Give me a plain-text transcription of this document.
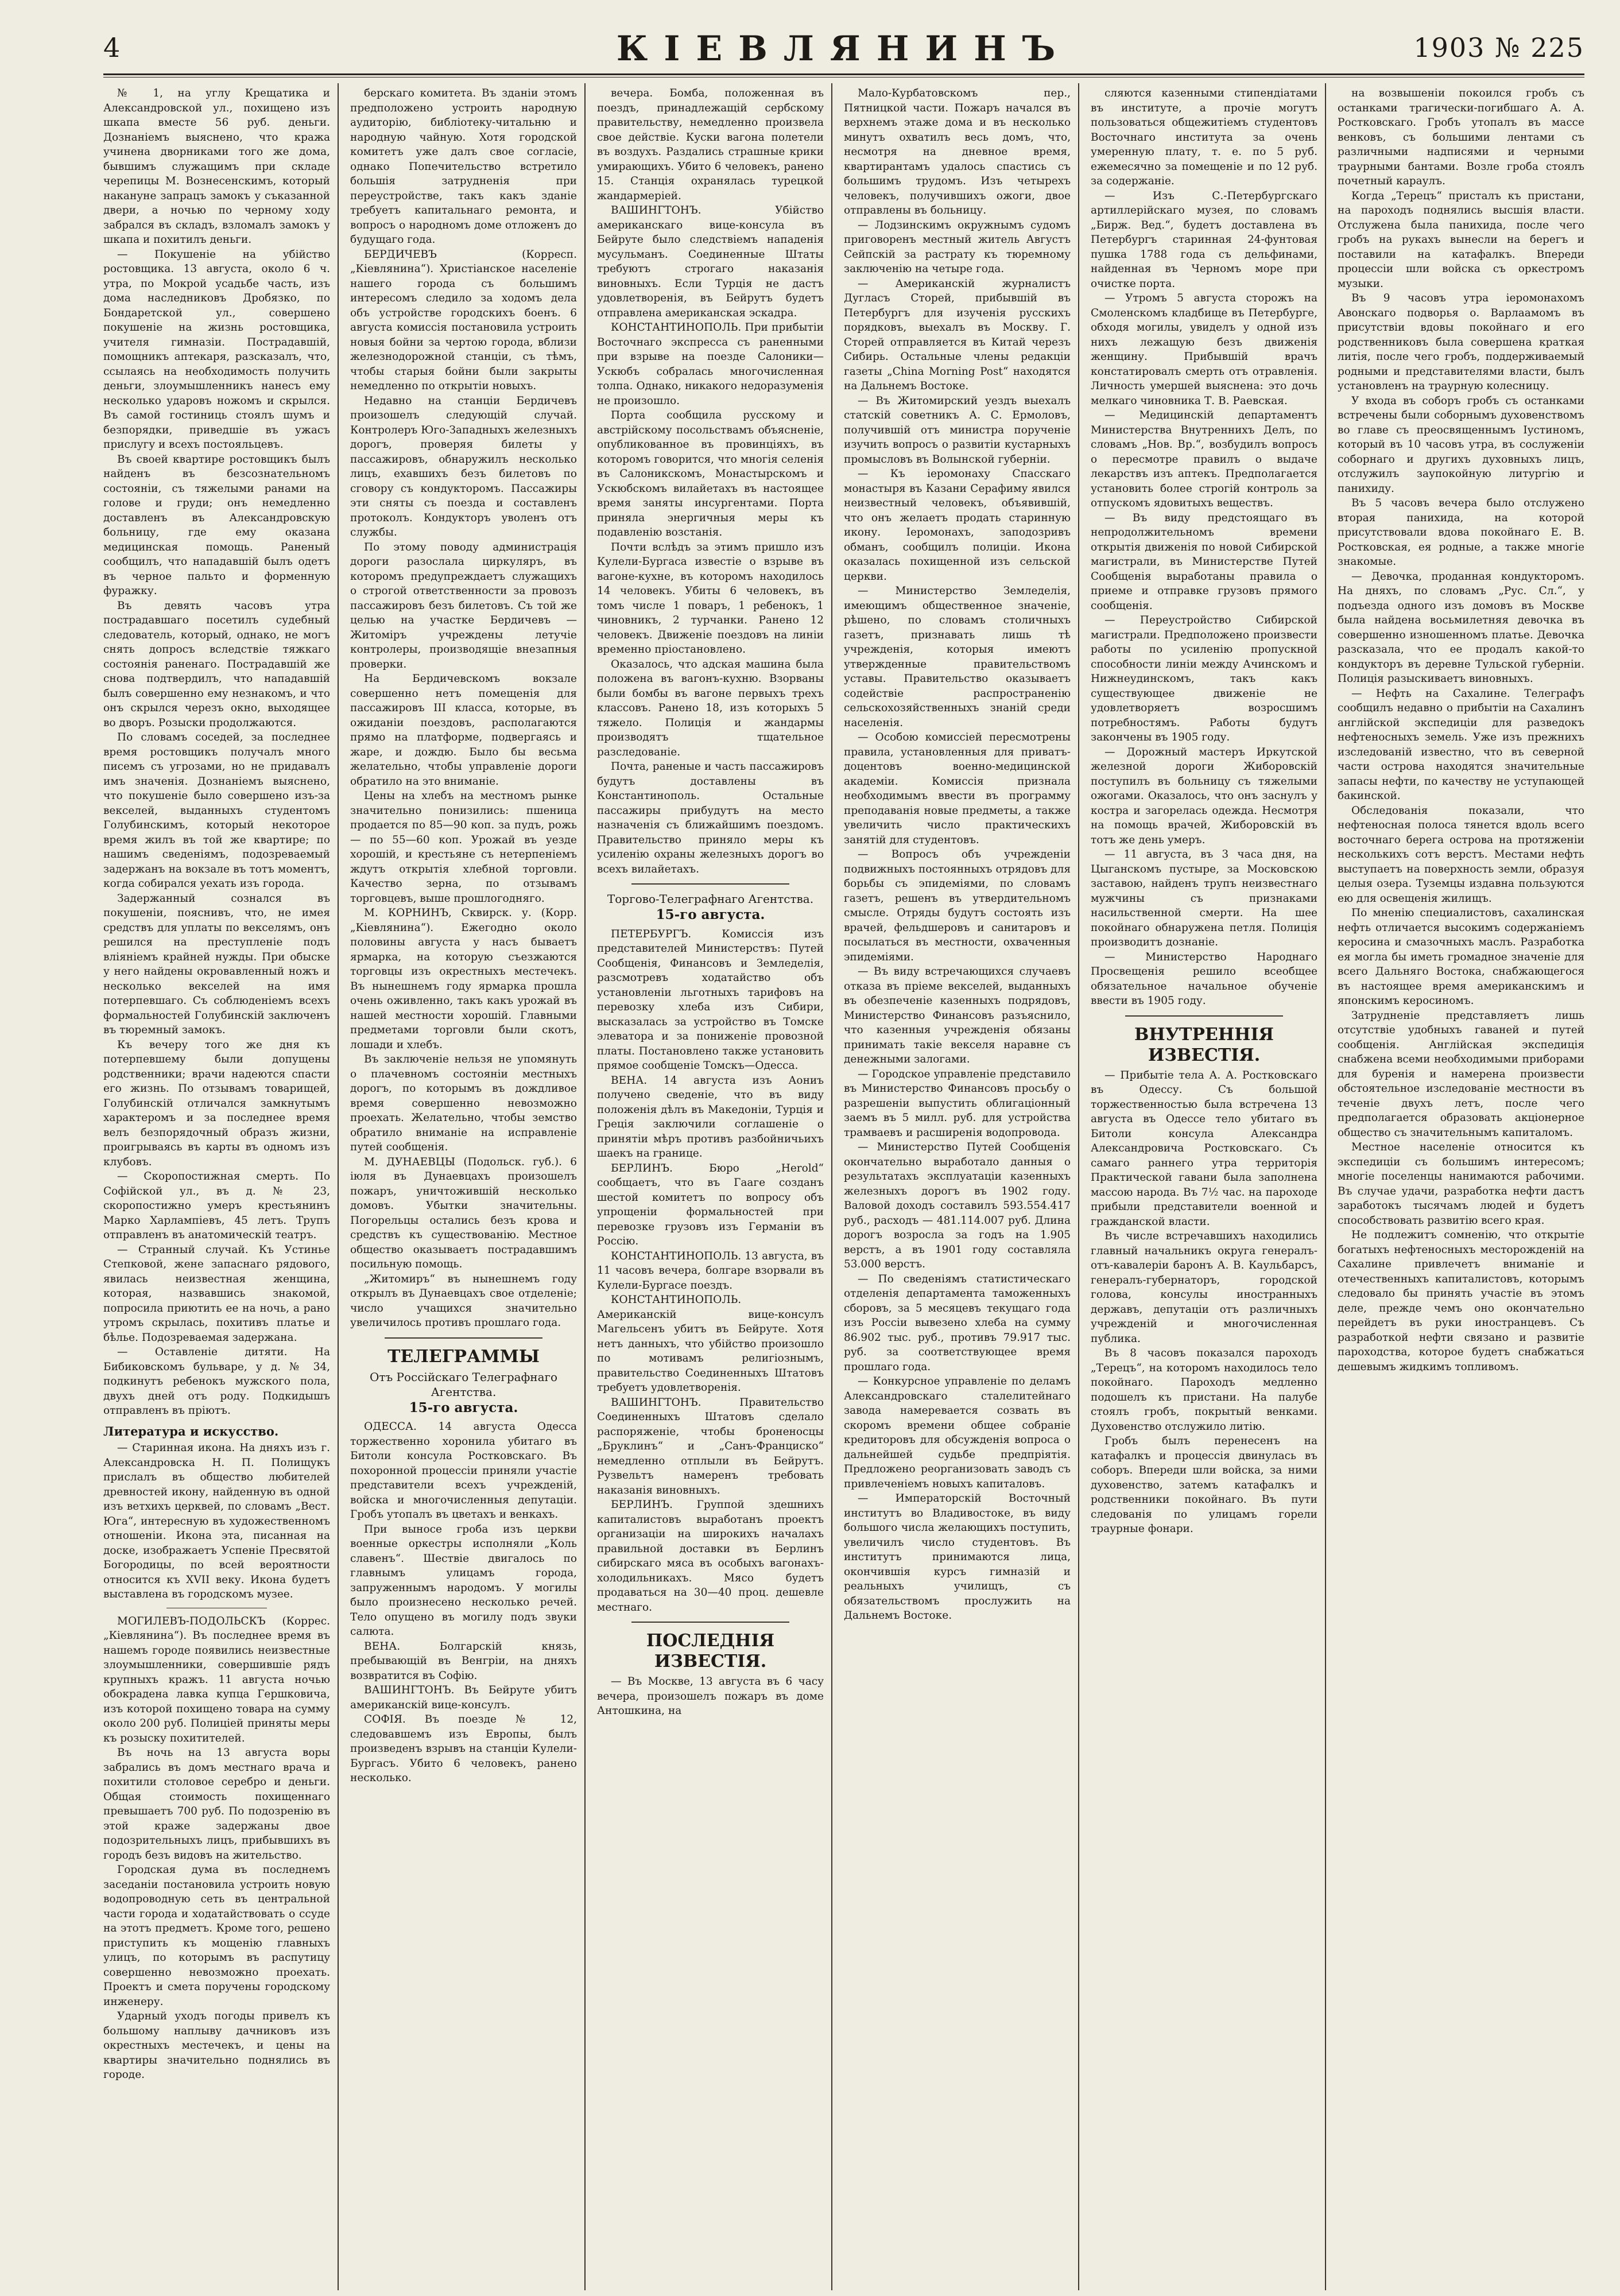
4	КІЕВЛЯНИНЪ	1903 № 225

№ 1, на углу Крещатика и Александровской ул., похищено изъ шкапа вместе 56 руб. деньги. Дознаніемъ выяснено, что кража учинена дворниками того же дома, бывшимъ служащимъ при складе черепицы М. Вознесенскимъ, который накануне запрацъ замокъ у съказанной двери, а ночью по черному ходу забрался въ складъ, взломалъ замокъ у шкапа и похитилъ деньги.

— Покушеніе на убійство ростовщика. 13 августа, около 6 ч. утра, по Мокрой усадьбе часть, изъ дома наследниковъ Дробязко, по Бондаретской ул., совершено покушеніе на жизнь ростовщика, учителя гимназіи. Пострадавшій, помощникъ аптекаря, разсказалъ, что, ссылаясь на необходимость получить деньги, злоумышленникъ нанесъ ему несколько ударовъ ножомъ и скрылся. Въ самой гостиниць стоялъ шумъ и безпорядки, приведшіе въ ужасъ прислугу и всехъ постояльцевъ.

Въ своей квартире ростовщикъ былъ найденъ въ безсознательномъ состояніи, съ тяжелыми ранами на голове и груди; онъ немедленно доставленъ въ Александровскую больницу, где ему оказана медицинская помощь. Раненый сообщилъ, что нападавшій былъ одетъ въ черное пальто и форменную фуражку.

Въ девять часовъ утра пострадавшаго посетилъ судебный следователь, который, однако, не могъ снять допросъ вследствіе тяжкаго состоянія раненаго. Пострадавшій же снова подтвердилъ, что нападавшій былъ совершенно ему незнакомъ, и что онъ скрылся черезъ окно, выходящее во дворъ. Розыски продолжаются.

По словамъ соседей, за последнее время ростовщикъ получалъ много писемъ съ угрозами, но не придавалъ имъ значенія. Дознаніемъ выяснено, что покушеніе было совершено изъ-за векселей, выданныхъ студентомъ Голубинскимъ, который некоторое время жилъ въ той же квартире; по нашимъ сведеніямъ, подозреваемый задержанъ на вокзале въ тотъ моментъ, когда собирался уехать изъ города.

Задержанный сознался въ покушеніи, пояснивъ, что, не имея средствъ для уплаты по векселямъ, онъ решился на преступленіе подъ вліяніемъ крайней нужды. При обыске у него найдены окровавленный ножъ и несколько векселей на имя потерпевшаго. Съ соблюденіемъ всехъ формальностей Голубинскій заключенъ въ тюремный замокъ.

Къ вечеру того же дня къ потерпевшему были допущены родственники; врачи надеются спасти его жизнь. По отзывамъ товарищей, Голубинскій отличался замкнутымъ характеромъ и за последнее время велъ безпорядочный образъ жизни, проигрываясь въ карты въ одномъ изъ клубовъ.

— Скоропостижная смерть. По Софійской ул., въ д. № 23, скоропостижно умеръ крестьянинъ Марко Харлампіевъ, 45 летъ. Трупъ отправленъ въ анатомическій театръ.

— Странный случай. Къ Устинье Степковой, жене запаснаго рядового, явилась неизвестная женщина, которая, назвавшись знакомой, попросила приютить ее на ночь, а рано утромъ скрылась, похитивъ платье и бѣлье. Подозреваемая задержана.

— Оставленіе дитяти. На Бибиковскомъ бульваре, у д. № 34, подкинутъ ребенокъ мужского пола, двухъ дней отъ роду. Подкидышъ отправленъ въ пріютъ.

Литература и искусство.

— Старинная икона. На дняхъ изъ г. Александровска Н. П. Полищукъ прислалъ въ общество любителей древностей икону, найденную въ одной изъ ветхихъ церквей, по словамъ „Вест. Юга“, интересную въ художественномъ отношеніи. Икона эта, писанная на доске, изображаетъ Успеніе Пресвятой Богородицы, по всей вероятности относится къ XVII веку. Икона будетъ выставлена въ городскомъ музее.

МОГИЛЕВЪ-ПОДОЛЬСКЪ (Коррес. „Кіевлянина“). Въ последнее время въ нашемъ городе появились неизвестные злоумышленники, совершившіе рядъ крупныхъ кражъ. 11 августа ночью обокрадена лавка купца Гершковича, изъ которой похищено товара на сумму около 200 руб. Полиціей приняты меры къ розыску похитителей.

Въ ночь на 13 августа воры забрались въ домъ местнаго врача и похитили столовое серебро и деньги. Общая стоимость похищеннаго превышаетъ 700 руб. По подозренію въ этой краже задержаны двое подозрительныхъ лицъ, прибывшихъ въ городъ безъ видовъ на жительство.

Городская дума въ последнемъ заседаніи постановила устроить новую водопроводную сеть въ центральной части города и ходатайствовать о ссуде на этотъ предметъ. Кроме того, решено приступить къ мощенію главныхъ улицъ, по которымъ въ распутицу совершенно невозможно проехать. Проектъ и смета поручены городскому инженеру.

Ударный уходъ погоды привелъ къ большому наплыву дачниковъ изъ окрестныхъ местечекъ, и цены на квартиры значительно поднялись въ городе.

берскаго комитета. Въ зданіи этомъ предположено устроить народную аудиторію, библіотеку-читальню и народную чайную. Хотя городской комитетъ уже далъ свое согласіе, однако Попечительство встретило большія затрудненія при переустройстве, такъ какъ зданіе требуетъ капитальнаго ремонта, и вопросъ о народномъ доме отложенъ до будущаго года.

БЕРДИЧЕВЪ (Корресп. „Кіевлянина“). Христіанское населеніе нашего города съ большимъ интересомъ следило за ходомъ дела объ устройстве городскихъ боенъ. 6 августа комиссія постановила устроить новыя бойни за чертою города, вблизи железнодорожной станціи, съ тѣмъ, чтобы старыя бойни были закрыты немедленно по открытіи новыхъ.

Недавно на станціи Бердичевъ произошелъ следующій случай. Контролеръ Юго-Западныхъ железныхъ дорогъ, проверяя билеты у пассажировъ, обнаружилъ несколько лицъ, ехавшихъ безъ билетовъ по сговору съ кондукторомъ. Пассажиры эти сняты съ поезда и составленъ протоколъ. Кондукторъ уволенъ отъ службы.

По этому поводу администрація дороги разослала циркуляръ, въ которомъ предупреждаетъ служащихъ о строгой ответственности за провозъ пассажировъ безъ билетовъ. Съ той же целью на участке Бердичевъ — Житоміръ учреждены летучіе контролеры, производящіе внезапныя проверки.

На Бердичевскомъ вокзале совершенно нетъ помещенія для пассажировъ III класса, которые, въ ожиданіи поездовъ, располагаются прямо на платформе, подвергаясь и жаре, и дождю. Было бы весьма желательно, чтобы управленіе дороги обратило на это вниманіе.

Цены на хлебъ на местномъ рынке значительно понизились: пшеница продается по 85—90 коп. за пудъ, рожь — по 55—60 коп. Урожай въ уезде хорошій, и крестьяне съ нетерпеніемъ ждутъ открытія хлебной торговли. Качество зерна, по отзывамъ торговцевъ, выше прошлогодняго.

М. КОРНИНЪ, Сквирск. у. (Корр. „Кіевлянина“). Ежегодно около половины августа у насъ бываетъ ярмарка, на которую съезжаются торговцы изъ окрестныхъ местечекъ. Въ нынешнемъ году ярмарка прошла очень оживленно, такъ какъ урожай въ нашей местности хорошій. Главными предметами торговли были скотъ, лошади и хлебъ.

Въ заключеніе нельзя не упомянуть о плачевномъ состояніи местныхъ дорогъ, по которымъ въ дождливое время совершенно невозможно проехать. Желательно, чтобы земство обратило вниманіе на исправленіе путей сообщенія.

М. ДУНАЕВЦЫ (Подольск. губ.). 6 іюля въ Дунаевцахъ произошелъ пожаръ, уничтожившій несколько домовъ. Убытки значительны. Погорельцы остались безъ крова и средствъ къ существованію. Местное общество оказываетъ пострадавшимъ посильную помощь.

„Житомиръ“ въ нынешнемъ году открылъ въ Дунаевцахъ свое отделеніе; число учащихся значительно увеличилось противъ прошлаго года.

ТЕЛЕГРАММЫ
Отъ Россійскаго Телеграфнаго Агентства.
15-го августа.

ОДЕССА. 14 августа Одесса торжественно хоронила убитаго въ Битоли консула Ростковскаго. Въ похоронной процессіи приняли участіе представители всехъ учрежденій, войска и многочисленныя депутаціи. Гробъ утопалъ въ цветахъ и венкахъ.

При выносе гроба изъ церкви военные оркестры исполняли „Коль славенъ“. Шествіе двигалось по главнымъ улицамъ города, запруженнымъ народомъ. У могилы было произнесено несколько речей. Тело опущено въ могилу подъ звуки салюта.

ВЕНА. Болгарскій князь, пребывающій въ Венгріи, на дняхъ возвратится въ Софію.

ВАШИНГТОНЪ. Въ Бейруте убитъ американскій вице-консулъ.

СОФІЯ. Въ поезде № 12, следовавшемъ изъ Европы, былъ произведенъ взрывъ на станціи Кулели-Бургасъ. Убито 6 человекъ, ранено несколько.

вечера. Бомба, положенная въ поездъ, принадлежащій сербскому правительству, немедленно произвела свое действіе. Куски вагона полетели въ воздухъ. Раздались страшные крики умирающихъ. Убито 6 человекъ, ранено 15. Станція охранялась турецкой жандармеріей.

ВАШИНГТОНЪ. Убійство американскаго вице-консула въ Бейруте было следствіемъ нападенія мусульманъ. Соединенные Штаты требуютъ строгаго наказанія виновныхъ. Если Турція не дастъ удовлетворенія, въ Бейрутъ будетъ отправлена американская эскадра.

КОНСТАНТИНОПОЛЬ. При прибытіи Восточнаго экспресса съ раненными при взрыве на поезде Салоники—Ускюбъ собралась многочисленная толпа. Однако, никакого недоразуменія не произошло.

Порта сообщила русскому и австрійскому посольствамъ объясненіе, опубликованное въ провинціяхъ, въ которомъ говорится, что многія селенія въ Салоникскомъ, Монастырскомъ и Ускюбскомъ вилайетахъ въ настоящее время заняты инсургентами. Порта приняла энергичныя меры къ подавленію возстанія.

Почти вслѣдъ за этимъ пришло изъ Кулели-Бургаса известіе о взрыве въ вагоне-кухне, въ которомъ находилось 14 человекъ. Убиты 6 человекъ, въ томъ числе 1 поваръ, 1 ребенокъ, 1 чиновникъ, 2 турчанки. Ранено 12 человекъ. Движеніе поездовъ на линіи временно пріостановлено.

Оказалось, что адская машина была положена въ вагонъ-кухню. Взорваны были бомбы въ вагоне первыхъ трехъ классовъ. Ранено 18, изъ которыхъ 5 тяжело. Полиція и жандармы производятъ тщательное разследованіе.

Почта, раненые и часть пассажировъ будутъ доставлены въ Константинополь. Остальные пассажиры прибудутъ на место назначенія съ ближайшимъ поездомъ. Правительство приняло меры къ усиленію охраны железныхъ дорогъ во всехъ вилайетахъ.

Торгово-Телеграфнаго Агентства.
15-го августа.

ПЕТЕРБУРГЪ. Комиссія изъ представителей Министерствъ: Путей Сообщенія, Финансовъ и Земледелія, разсмотревъ ходатайство объ установленіи льготныхъ тарифовъ на перевозку хлеба изъ Сибири, высказалась за устройство въ Томске элеватора и за пониженіе провозной платы. Постановлено также установить прямое сообщеніе Томскъ—Одесса.

ВЕНА. 14 августа изъ Аониъ получено сведеніе, что въ виду положенія дѣлъ въ Македоніи, Турція и Греція заключили соглашеніе о принятіи мѣръ противъ разбойничьихъ шаекъ на границе.

БЕРЛИНЪ. Бюро „Herold“ сообщаетъ, что въ Гааге созданъ шестой комитетъ по вопросу объ упрощеніи формальностей при перевозке грузовъ изъ Германіи въ Россію.

КОНСТАНТИНОПОЛЬ. 13 августа, въ 11 часовъ вечера, болгаре взорвали въ Кулели-Бургасе поездъ.

КОНСТАНТИНОПОЛЬ. Американскій вице-консулъ Магельсенъ убитъ въ Бейруте. Хотя нетъ данныхъ, что убійство произошло по мотивамъ религіознымъ, правительство Соединенныхъ Штатовъ требуетъ удовлетворенія.

ВАШИНГТОНЪ. Правительство Соединенныхъ Штатовъ сделало распоряженіе, чтобы броненосцы „Бруклинъ“ и „Санъ-Франциско“ немедленно отплыли въ Бейрутъ. Рузвельтъ намеренъ требовать наказанія виновныхъ.

БЕРЛИНЪ. Группой здешнихъ капиталистовъ выработанъ проектъ организаціи на широкихъ началахъ правильной доставки въ Берлинъ сибирскаго мяса въ особыхъ вагонахъ-холодильникахъ. Мясо будетъ продаваться на 30—40 проц. дешевле местнаго.

ПОСЛЕДНІЯ ИЗВЕСТІЯ.

— Въ Москве, 13 августа въ 6 часу вечера, произошелъ пожаръ въ доме Антошкина, на

Мало-Курбатовскомъ пер., Пятницкой части. Пожаръ начался въ верхнемъ этаже дома и въ несколько минутъ охватилъ весь домъ, что, несмотря на дневное время, квартирантамъ удалось спастись съ большимъ трудомъ. Изъ четырехъ человекъ, получившихъ ожоги, двое отправлены въ больницу.

— Лодзинскимъ окружнымъ судомъ приговоренъ местный житель Августъ Сейпскій за растрату къ тюремному заключенію на четыре года.

— Американскій журналистъ Дугласъ Сторей, прибывшій въ Петербургъ для изученія русскихъ порядковъ, выехалъ въ Москву. Г. Сторей отправляется въ Китай черезъ Сибирь. Остальные члены редакціи газеты „China Morning Post“ находятся на Дальнемъ Востоке.

— Въ Житомирский уездъ выехалъ статскій советникъ А. С. Ермоловъ, получившій отъ министра порученіе изучить вопросъ о развитіи кустарныхъ промысловъ въ Волынской губерніи.

— Къ іеромонаху Спасскаго монастыря въ Казани Серафиму явился неизвестный человекъ, объявившій, что онъ желаетъ продать старинную икону. Іеромонахъ, заподозривъ обманъ, сообщилъ полиціи. Икона оказалась похищенной изъ сельской церкви.

— Министерство Земледелія, имеющимъ общественное значеніе, рѣшено, по словамъ столичныхъ газетъ, признавать лишь тѣ учрежденія, которыя имеютъ утвержденные правительствомъ уставы. Правительство оказываетъ содействіе распространенію сельскохозяйственныхъ знаній среди населенія.

— Особою комиссіей пересмотрены правила, установленныя для приватъ-доцентовъ военно-медицинской академіи. Комиссія признала необходимымъ ввести въ программу преподаванія новые предметы, а также увеличить число практическихъ занятій для студентовъ.

— Вопросъ объ учрежденіи подвижныхъ постоянныхъ отрядовъ для борьбы съ эпидеміями, по словамъ газетъ, решенъ въ утвердительномъ смысле. Отряды будутъ состоять изъ врачей, фельдшеровъ и санитаровъ и посылаться въ местности, охваченныя эпидеміями.

— Въ виду встречающихся случаевъ отказа въ пріеме векселей, выданныхъ въ обезпеченіе казенныхъ подрядовъ, Министерство Финансовъ разъяснило, что казенныя учрежденія обязаны принимать такіе векселя наравне съ денежными залогами.

— Городское управленіе представило въ Министерство Финансовъ просьбу о разрешеніи выпустить облигаціонный заемъ въ 5 милл. руб. для устройства трамваевъ и расширенія водопровода.

— Министерство Путей Сообщенія окончательно выработало данныя о результатахъ эксплуатаціи казенныхъ железныхъ дорогъ въ 1902 году. Валовой доходъ составилъ 593.554.417 руб., расходъ — 481.114.007 руб. Длина дорогъ возросла за годъ на 1.905 верстъ, а въ 1901 году составляла 53.000 верстъ.

— По сведеніямъ статистическаго отделенія департамента таможенныхъ сборовъ, за 5 месяцевъ текущаго года изъ Россіи вывезено хлеба на сумму 86.902 тыс. руб., противъ 79.917 тыс. руб. за соответствующее время прошлаго года.

— Конкурсное управленіе по деламъ Александровскаго сталелитейнаго завода намеревается созвать въ скоромъ времени общее собраніе кредиторовъ для обсужденія вопроса о дальнейшей судьбе предпріятія. Предложено реорганизовать заводъ съ привлеченіемъ новыхъ капиталовъ.

— Императорскій Восточный институтъ во Владивостоке, въ виду большого числа желающихъ поступить, увеличилъ число студентовъ. Въ институтъ принимаются лица, окончившія курсъ гимназій и реальныхъ училищъ, съ обязательствомъ прослужить на Дальнемъ Востоке.

сляются казенными стипендіатами въ институте, а прочіе могутъ пользоваться общежитіемъ студентовъ Восточнаго института за очень умеренную плату, т. е. по 5 руб. ежемесячно за помещеніе и по 12 руб. за содержаніе.

— Изъ С.-Петербургскаго артиллерійскаго музея, по словамъ „Бирж. Вед.“, будетъ доставлена въ Петербургъ старинная 24-фунтовая пушка 1788 года съ дельфинами, найденная въ Черномъ море при очистке порта.

— Утромъ 5 августа сторожъ на Смоленскомъ кладбище въ Петербурге, обходя могилы, увиделъ у одной изъ нихъ лежащую безъ движенія женщину. Прибывшій врачъ констатировалъ смерть отъ отравленія. Личность умершей выяснена: это дочь мелкаго чиновника Т. В. Раевская.

— Медицинскій департаментъ Министерства Внутреннихъ Делъ, по словамъ „Нов. Вр.“, возбудилъ вопросъ о пересмотре правилъ о выдаче лекарствъ изъ аптекъ. Предполагается установить более строгій контроль за отпускомъ ядовитыхъ веществъ.

— Въ виду предстоящаго въ непродолжительномъ времени открытія движенія по новой Сибирской магистрали, въ Министерстве Путей Сообщенія выработаны правила о приеме и отправке грузовъ прямого сообщенія.

— Переустройство Сибирской магистрали. Предположено произвести работы по усиленію пропускной способности линіи между Ачинскомъ и Нижнеудинскомъ, такъ какъ существующее движеніе не удовлетворяетъ возросшимъ потребностямъ. Работы будутъ закончены въ 1905 году.

— Дорожный мастеръ Иркутской железной дороги Жиборовскій поступилъ въ больницу съ тяжелыми ожогами. Оказалось, что онъ заснулъ у костра и загорелась одежда. Несмотря на помощь врачей, Жиборовскій въ тотъ же день умеръ.

— 11 августа, въ 3 часа дня, на Цыганскомъ пустыре, за Московскою заставою, найденъ трупъ неизвестнаго мужчины съ признаками насильственной смерти. На шее покойнаго обнаружена петля. Полиція производитъ дознаніе.

— Министерство Народнаго Просвещенія решило всеобщее обязательное начальное обученіе ввести въ 1905 году.

ВНУТРЕННІЯ ИЗВЕСТІЯ.

— Прибытіе тела А. А. Ростковскаго въ Одессу. Съ большой торжественностью была встречена 13 августа въ Одессе тело убитаго въ Битоли консула Александра Александровича Ростковскаго. Съ самаго раннего утра территорія Практической гавани была заполнена массою народа. Въ 7½ час. на пароходе прибыли представители военной и гражданской власти.

Въ числе встречавшихъ находились главный начальникъ округа генералъ-отъ-кавалеріи баронъ А. В. Каульбарсъ, генералъ-губернаторъ, городской голова, консулы иностранныхъ державъ, депутаціи отъ различныхъ учрежденій и многочисленная публика.

Въ 8 часовъ показался пароходъ „Терецъ“, на которомъ находилось тело покойнаго. Пароходъ медленно подошелъ къ пристани. На палубе стоялъ гробъ, покрытый венками. Духовенство отслужило литію.

Гробъ былъ перенесенъ на катафалкъ и процессія двинулась въ соборъ. Впереди шли войска, за ними духовенство, затемъ катафалкъ и родственники покойнаго. Въ пути следованія по улицамъ горели траурные фонари.

на возвышеніи покоился гробъ съ останками трагически-погибшаго А. А. Ростковскаго. Гробъ утопалъ въ массе венковъ, съ большими лентами съ различными надписями и черными траурными бантами. Возле гроба стоялъ почетный караулъ.

Когда „Терецъ“ присталъ къ пристани, на пароходъ поднялись высшія власти. Отслужена была панихида, после чего гробъ на рукахъ вынесли на берегъ и поставили на катафалкъ. Впереди процессіи шли войска съ оркестромъ музыки.

Въ 9 часовъ утра іеромонахомъ Авонскаго подворья о. Варлаамомъ въ присутствіи вдовы покойнаго и его родственниковъ была совершена краткая литія, после чего гробъ, поддерживаемый родными и представителями власти, былъ установленъ на траурную колесницу.

У входа въ соборъ гробъ съ останками встречены были соборнымъ духовенствомъ во главе съ преосвященнымъ Іустиномъ, который въ 10 часовъ утра, въ сослуженіи соборнаго и другихъ духовныхъ лицъ, отслужилъ заупокойную литургію и панихиду.

Въ 5 часовъ вечера было отслужено вторая панихида, на которой присутствовали вдова покойнаго Е. В. Ростковская, ея родные, а также многіе знакомые.

— Девочка, проданная кондукторомъ. На дняхъ, по словамъ „Рус. Сл.“, у подъезда одного изъ домовъ въ Москве была найдена восьмилетняя девочка въ совершенно изношенномъ платье. Девочка разсказала, что ее продалъ какой-то кондукторъ въ деревне Тульской губерніи. Полиція разыскиваетъ виновныхъ.

— Нефть на Сахалине. Телеграфъ сообщилъ недавно о прибытіи на Сахалинъ англійской экспедиціи для разведокъ нефтеносныхъ земель. Уже изъ прежнихъ изследованій известно, что въ северной части острова находятся значительные запасы нефти, по качеству не уступающей бакинской.

Обследованія показали, что нефтеносная полоса тянется вдоль всего восточнаго берега острова на протяженіи несколькихъ сотъ верстъ. Местами нефть выступаетъ на поверхность земли, образуя целыя озера. Туземцы издавна пользуются ею для освещенія жилищъ.

По мненію специалистовъ, сахалинская нефть отличается высокимъ содержаніемъ керосина и смазочныхъ маслъ. Разработка ея могла бы иметь громадное значеніе для всего Дальняго Востока, снабжающегося въ настоящее время американскимъ и японскимъ керосиномъ.

Затрудненіе представляетъ лишь отсутствіе удобныхъ гаваней и путей сообщенія. Англійская экспедиція снабжена всеми необходимыми приборами для буренія и намерена произвести обстоятельное изследованіе местности въ теченіе двухъ летъ, после чего предполагается образовать акціонерное общество съ значительнымъ капиталомъ.

Местное населеніе относится къ экспедиціи съ большимъ интересомъ; многіе поселенцы нанимаются рабочими. Въ случае удачи, разработка нефти дастъ заработокъ тысячамъ людей и будетъ способствовать развитію всего края.

Не подлежитъ сомненію, что открытіе богатыхъ нефтеносныхъ месторожденій на Сахалине привлечетъ вниманіе и отечественныхъ капиталистовъ, которымъ следовало бы принять участіе въ этомъ деле, прежде чемъ оно окончательно перейдетъ въ руки иностранцевъ. Съ разработкой нефти связано и развитіе пароходства, которое будетъ снабжаться дешевымъ жидкимъ топливомъ.
